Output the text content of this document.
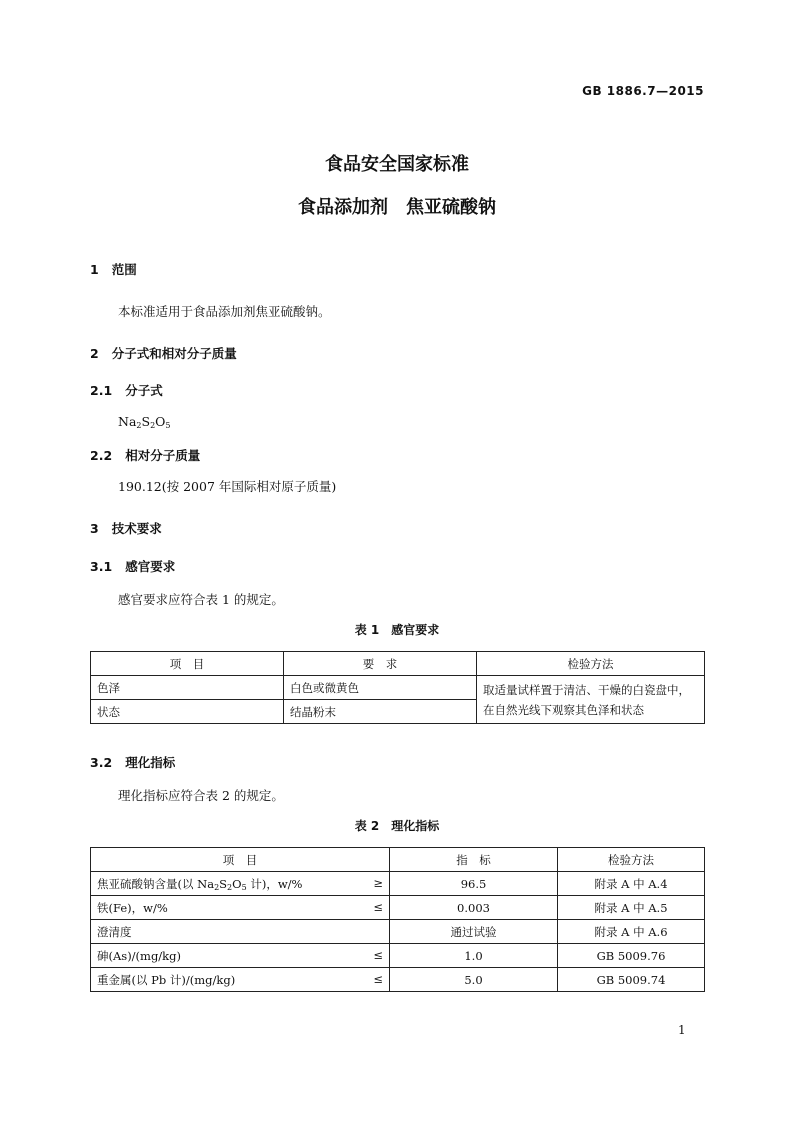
GB 1886.7—2015
食品安全国家标准
食品添加剂　焦亚硫酸钠
1 范围
本标准适用于食品添加剂焦亚硫酸钠。
2 分子式和相对分子质量
2.1 分子式
$Na_2S_2O_5$
2.2 相对分子质量
190.12(按 2007 年国际相对原子质量)
3 技术要求
3.1 感官要求
感官要求应符合表 1 的规定。
表 1　感官要求
项　目	要　求	检验方法
色泽	白色或微黄色	取适量试样置于清洁、干燥的白瓷盘中，在自然光线下观察其色泽和状态
状态	结晶粉末	
3.2 理化指标
理化指标应符合表 2 的规定。
表 2　理化指标
项　目	指　标	检验方法
焦亚硫酸钠含量(以 $Na_2S_2O_5$ 计)，w/% ≥	96.5	附录 A 中 A.4
铁(Fe)，w/% ≤	0.003	附录 A 中 A.5
澄清度	通过试验	附录 A 中 A.6
砷(As)/(mg/kg) ≤	1.0	GB 5009.76
重金属(以 Pb 计)/(mg/kg) ≤	5.0	GB 5009.74
1
